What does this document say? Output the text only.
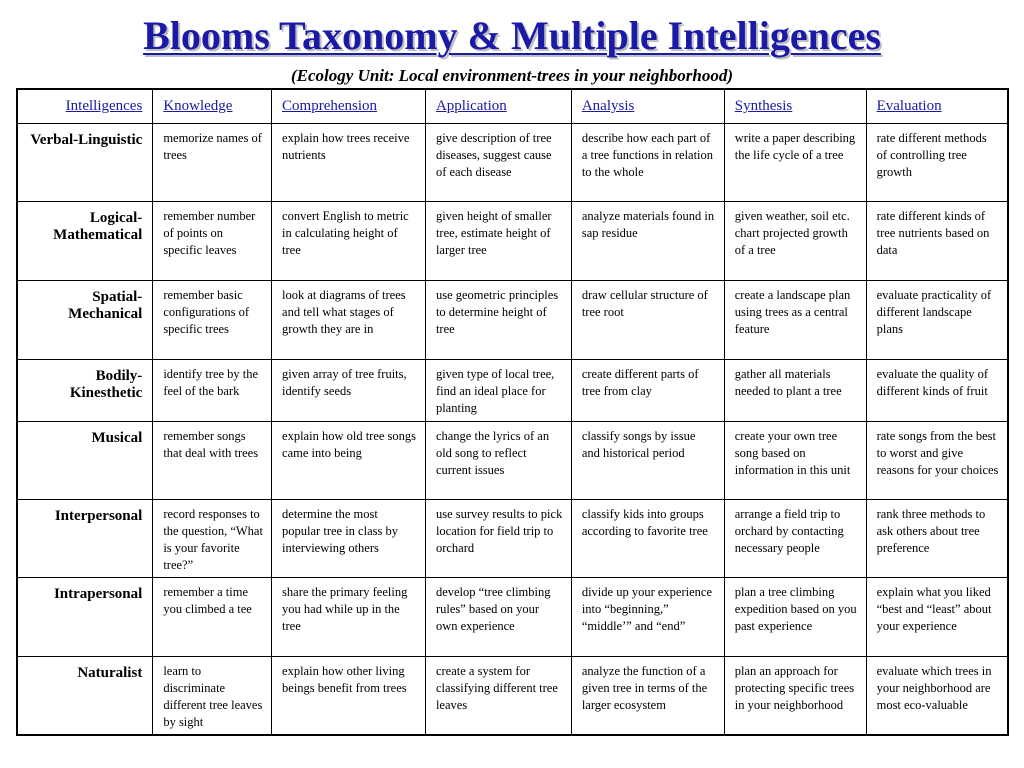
Blooms Taxonomy & Multiple Intelligences
(Ecology Unit: Local environment-trees in your neighborhood)
Intelligences	Knowledge	Comprehension	Application	Analysis	Synthesis	Evaluation
Verbal-Linguistic	memorize names of trees	explain how trees receive nutrients	give description of tree diseases, suggest cause of each disease	describe how each part of a tree functions in relation to the whole	write a paper describing the life cycle of a tree	rate different methods of controlling tree growth
Logical-Mathematical	remember number of points on specific leaves	convert English to metric in calculating height of tree	given height of smaller tree, estimate height of larger tree	analyze materials found in sap residue	given weather, soil etc. chart projected growth of a tree	rate different kinds of tree nutrients based on data
Spatial-Mechanical	remember basic configurations of specific trees	look at diagrams of trees and tell what stages of growth they are in	use geometric principles to determine height of tree	draw cellular structure of tree root	create a landscape plan using trees as a central feature	evaluate practicality of different landscape plans
Bodily-Kinesthetic	identify tree by the feel of the bark	given array of tree fruits, identify seeds	given type of local tree, find an ideal place for planting	create different parts of tree from clay	gather all materials needed to plant a tree	evaluate the quality of different kinds of fruit
Musical	remember songs that deal with trees	explain how old tree songs came into being	change the lyrics of an old song to reflect current issues	classify songs by issue and historical period	create your own tree song based on information in this unit	rate songs from the best to worst and give reasons for your choices
Interpersonal	record responses to the question, “What is your favorite tree?”	determine the most popular tree in class by interviewing others	use survey results to pick location for field trip to orchard	classify kids into groups according to favorite tree	arrange a field trip to orchard by contacting necessary people	rank three methods to ask others about tree preference
Intrapersonal	remember a time you climbed a tee	share the primary feeling you had while up in the tree	develop “tree climbing rules” based on your own experience	divide up your experience into “beginning,” “middle’” and “end”	plan a tree climbing expedition based on you past experience	explain what you liked “best and “least” about your experience
Naturalist	learn to discriminate different tree leaves by sight	explain how other living beings benefit from trees	create a system for classifying different tree leaves	analyze the function of a given tree in terms of the larger ecosystem	plan an approach for protecting specific trees in your neighborhood	evaluate which trees in your neighborhood are most eco-valuable
